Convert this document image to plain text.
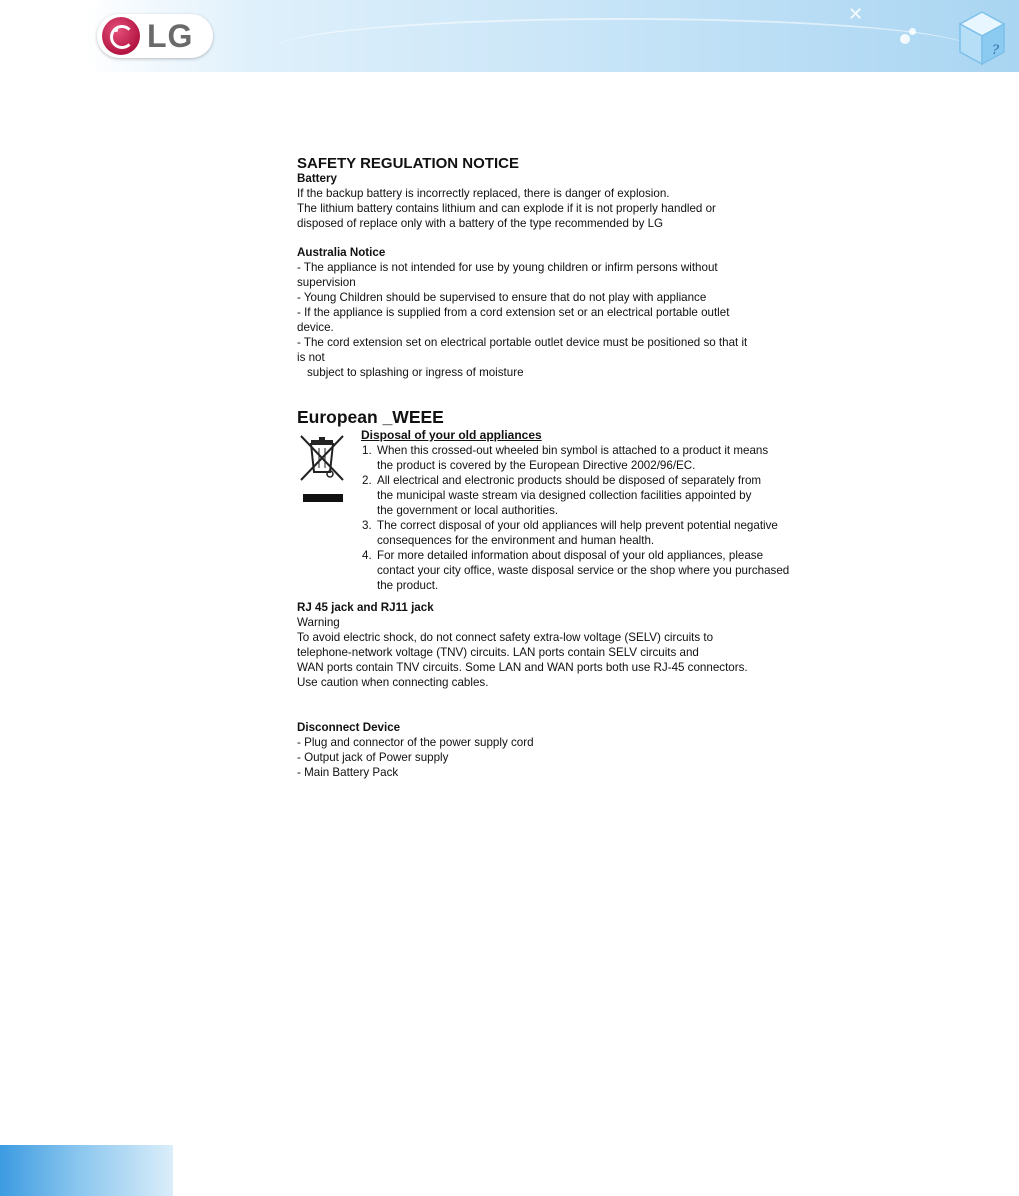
LG
✕
?

SAFETY REGULATION NOTICE

Battery

If the backup battery is incorrectly replaced, there is danger of explosion.

The lithium battery contains lithium and can explode if it is not properly handled or

disposed of replace only with a battery of the type recommended by LG

Australia Notice

- The appliance is not intended for use by young children or infirm persons without

supervision

- Young Children should be supervised to ensure that do not play with appliance

- If the appliance is supplied from a cord extension set or an electrical portable outlet

device.

- The cord extension set on electrical portable outlet device must be positioned so that it

is not

subject to splashing or ingress of moisture

European _WEEE

Disposal of your old appliances

1. When this crossed-out wheeled bin symbol is attached to a product it means

the product is covered by the European Directive 2002/96/EC.

2. All electrical and electronic products should be disposed of separately from

the municipal waste stream via designed collection facilities appointed by

the government or local authorities.

3. The correct disposal of your old appliances will help prevent potential negative

consequences for the environment and human health.

4. For more detailed information about disposal of your old appliances, please

contact your city office, waste disposal service or the shop where you purchased

the product.

RJ 45 jack and RJ11 jack

Warning

To avoid electric shock, do not connect safety extra-low voltage (SELV) circuits to

telephone-network voltage (TNV) circuits. LAN ports contain SELV circuits and

WAN ports contain TNV circuits. Some LAN and WAN ports both use RJ-45 connectors.

Use caution when connecting cables.

Disconnect Device

- Plug and connector of the power supply cord

- Output jack of Power supply

- Main Battery Pack
